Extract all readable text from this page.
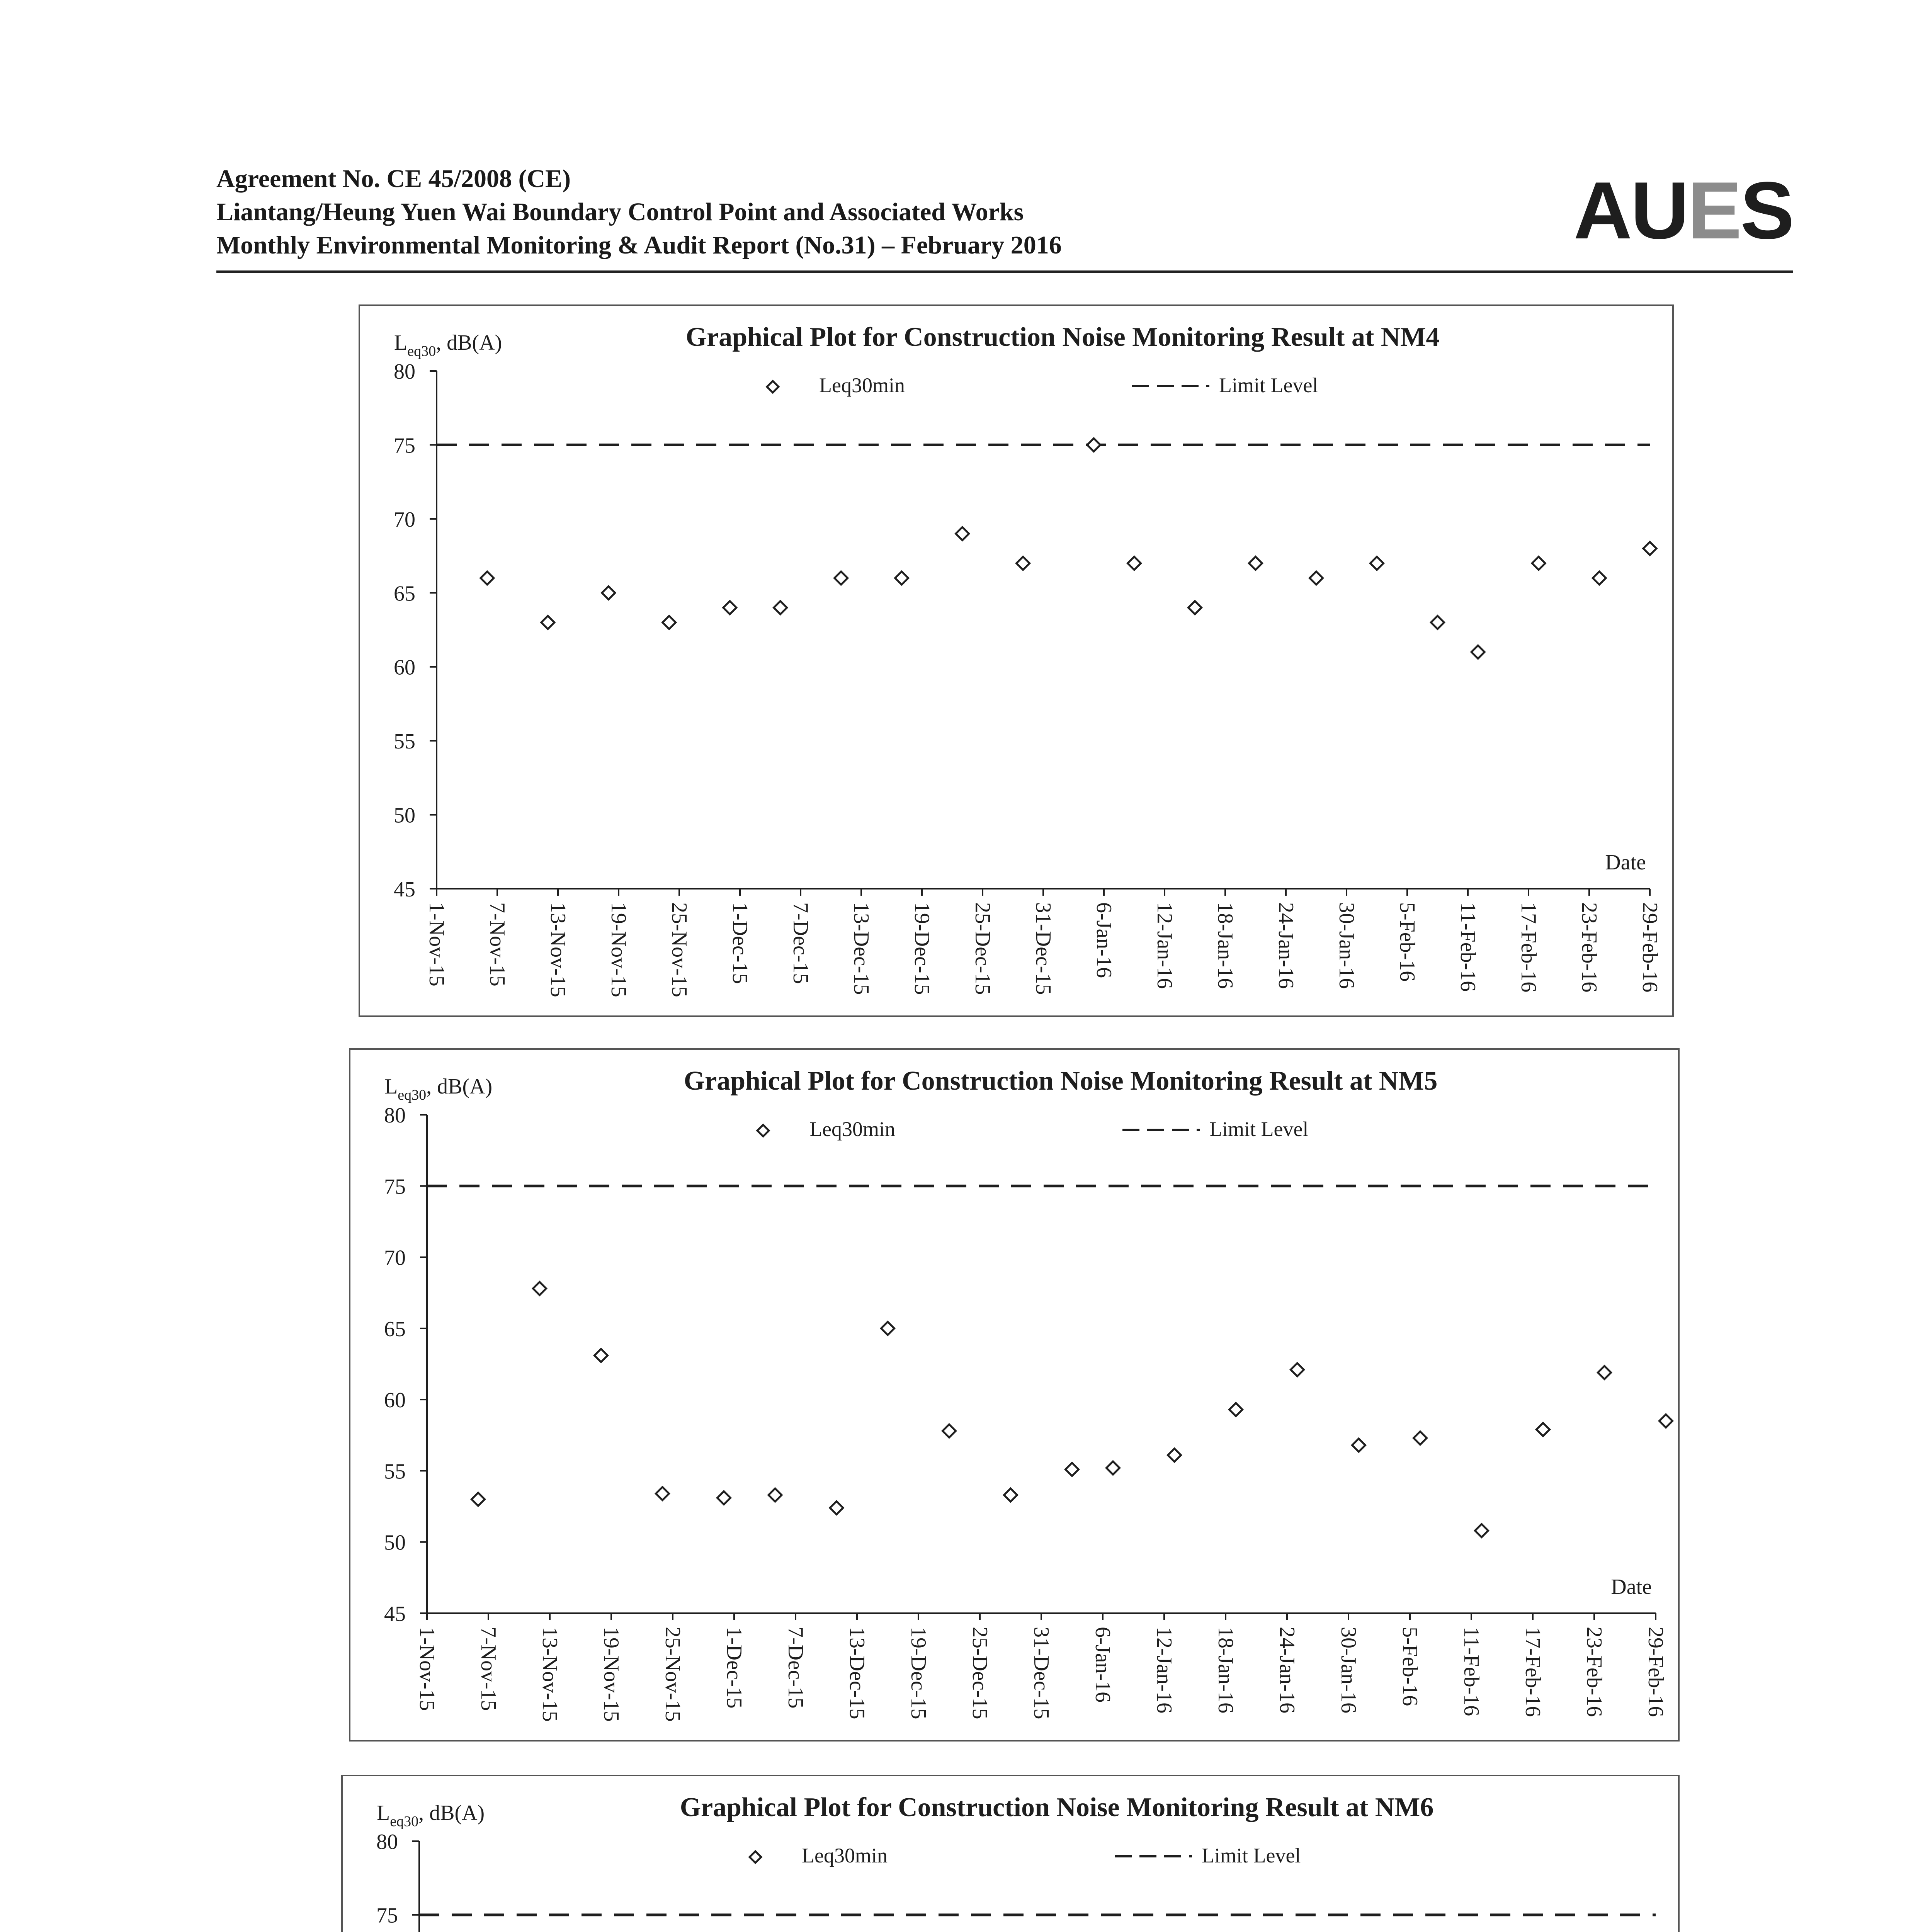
Agreement No. CE 45/2008 (CE)
Liantang/Heung Yuen Wai Boundary Control Point and Associated Works
Monthly Environmental Monitoring & Audit Report (No.31) – February 2016	AUES
Graphical Plot for Construction Noise Monitoring Result at NM4
$L_{eq30}$, dB(A)
45
50
55
60
65
70
75
80
1-Nov-15 7-Nov-15 13-Nov-15 19-Nov-15 25-Nov-15 1-Dec-15 7-Dec-15 13-Dec-15 19-Dec-15 25-Dec-15 31-Dec-15 6-Jan-16 12-Jan-16 18-Jan-16 24-Jan-16 30-Jan-16 5-Feb-16 11-Feb-16 17-Feb-16 23-Feb-16 29-Feb-16
Date
Leq30min	Limit Level
Graphical Plot for Construction Noise Monitoring Result at NM5
$L_{eq30}$, dB(A)
45
50
55
60
65
70
75
80
1-Nov-15 7-Nov-15 13-Nov-15 19-Nov-15 25-Nov-15 1-Dec-15 7-Dec-15 13-Dec-15 19-Dec-15 25-Dec-15 31-Dec-15 6-Jan-16 12-Jan-16 18-Jan-16 24-Jan-16 30-Jan-16 5-Feb-16 11-Feb-16 17-Feb-16 23-Feb-16 29-Feb-16
Date
Leq30min	Limit Level
Graphical Plot for Construction Noise Monitoring Result at NM6
$L_{eq30}$, dB(A)
75
80
Leq30min	Limit Level
